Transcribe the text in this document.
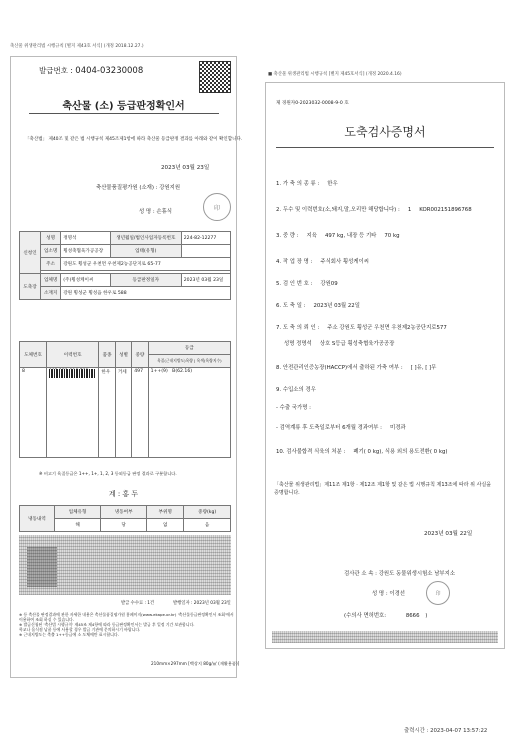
축산물 위생관리법 시행규칙 [별지 제43호 서식] (개정 2018.12.27.)
발급번호 : 0404-03230008
축산물 (소) 등급판정확인서
「축산법」 제40조 및 같은 법 시행규칙 제45조제1항에 따라 축산물 등급판정 결과를 아래와 같이 확인합니다.
2023년 03월 23일
축산물품질평가원 (소재) : 강원지원
성 명 : 손휴식
印
신청인	성명	정명석	생년월일/법인사업자등록번호	224-82-12277
	업소명	횡성축협육가공공장	업태(유형)	
	주소	강원도 횡성군 우천면 우천제2농공단지로 65-77		

도축장	업체명	(주)횡성케이씨	등급판정일자	2023년 03월 23일
	소재지	강원 횡성군 횡성읍 한우로 588		
도체번호	이력번호	품종	성별	중량	등급
					육질(근내지방도)육량 | 육색(육량지수)
8		한우	거세	497	1++(9) B(62.16)
※ 비고기 육질등급은 1++, 1+, 1, 2, 3 등외등급 판정 결과로 구분합니다.
계 : 홍 두
냉동내역	업체유형	냉동여부	부위명	중량(kg)
	해	당	없	음
발급 수수료 : 1건	발행일자 : 2023년 03월 23일
※ 등 축산물 판정결과에 관한 자세한 내용은 축산물품질평가원 홈페이지(www.ekape.or.kr) '축산물등급판정확인서 조회'에서
이용하여 조회 하실 수 있습니다.
※ 발급신청된 '축산법 시행규칙' 제45조 제4항에 따라 등급판정확인서는 발급 후 일정 기간 보관합니다.
학교나 음식점 납품 등에 사용할 경우 발급 기관에 문의하시기 바랍니다.
※ 근내지방도는 축출 1++등급에 소 도체에만 표시합니다.
210mm×297mm [백상지 80g/㎡ (재활용품)]
■ 축산물 위생관리법 시행규칙 [별지 제45호서식] (개정 2020.4.16)
제 경원자0-2023032-0008-9-0 호
도축검사증명서
1. 가 축 의 종 류 : 한우
2. 두수 및 이력번호(소,돼지,말,오리만 해당합니다) : 1 KOR002151896768
3. 중 량 : 지육 497 kg, 내장 등 기타 70 kg
4. 작 업 장 명 : 주식회사 횡성케이씨
5. 검 인 번 호 : 강원09
6. 도 축 일 : 2023년 03월 22일
7. 도 축 의 뢰 인 : 주소 강원도 횡성군 우천면 우천제2농공단지로577
성명 정명석 상호 S등급 횡성축협육가공공장
8. 안전관리인증농장(HACCP)에서 출하된 가축 여부 : [ ]유, [ ]무
9. 수입소의 경우
- 수출 국가명 :
- 검역계류 후 도축일로부터 6개월 경과여부 : 미경과
10. 검사불합격 식육의 처분 : 폐기( 0 kg), 식용 외의 용도전환( 0 kg)
「축산물 위생관리법」제11조 제1항 · 제12조 제1항 및 같은 법 시행규칙 제13조에 따라 위 사실을 증명합니다.
2023년 03월 22일
검사관 소 속 : 강원도 동물위생시험소 남부지소
성 명 : 이경선	印
(수의사 면허번호:	8666 )
출력시간 : 2023-04-07 13:57:22
